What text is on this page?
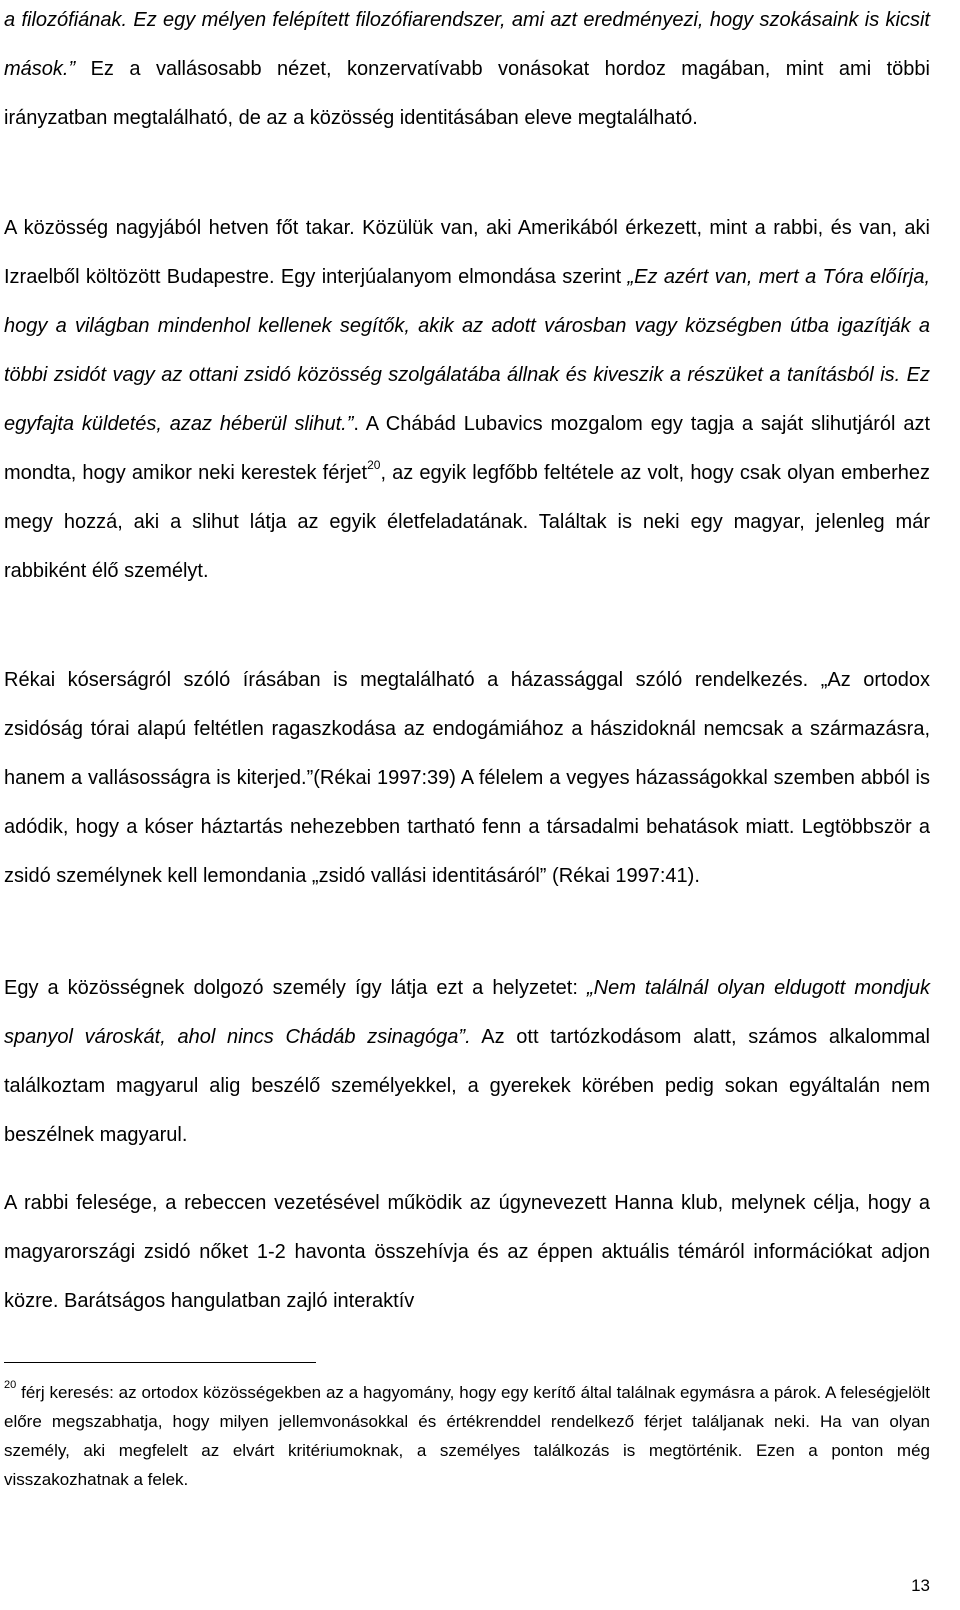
a filozófiának. Ez egy mélyen felépített filozófiarendszer, ami azt eredményezi, hogy szokásaink is kicsit mások.” Ez a vallásosabb nézet, konzervatívabb vonásokat hordoz magában, mint ami többi irányzatban megtalálható, de az a közösség identitásában eleve megtalálható.

A közösség nagyjából hetven főt takar. Közülük van, aki Amerikából érkezett, mint a rabbi, és van, aki Izraelből költözött Budapestre. Egy interjúalanyom elmondása szerint „Ez azért van, mert a Tóra előírja, hogy a világban mindenhol kellenek segítők, akik az adott városban vagy községben útba igazítják a többi zsidót vagy az ottani zsidó közösség szolgálatába állnak és kiveszik a részüket a tanításból is. Ez egyfajta küldetés, azaz héberül slihut.”. A Chábád Lubavics mozgalom egy tagja a saját slihutjáról azt mondta, hogy amikor neki kerestek férjet$^{20}$, az egyik legfőbb feltétele az volt, hogy csak olyan emberhez megy hozzá, aki a slihut látja az egyik életfeladatának. Találtak is neki egy magyar, jelenleg már rabbiként élő személyt.

Rékai kóserságról szóló írásában is megtalálható a házassággal szóló rendelkezés. „Az ortodox zsidóság tórai alapú feltétlen ragaszkodása az endogámiához a hászidoknál nemcsak a származásra, hanem a vallásosságra is kiterjed.”(Rékai 1997:39) A félelem a vegyes házasságokkal szemben abból is adódik, hogy a kóser háztartás nehezebben tartható fenn a társadalmi behatások miatt. Legtöbbször a zsidó személynek kell lemondania „zsidó vallási identitásáról” (Rékai 1997:41).

Egy a közösségnek dolgozó személy így látja ezt a helyzetet: „Nem találnál olyan eldugott mondjuk spanyol városkát, ahol nincs Chádáb zsinagóga”. Az ott tartózkodásom alatt, számos alkalommal találkoztam magyarul alig beszélő személyekkel, a gyerekek körében pedig sokan egyáltalán nem beszélnek magyarul.

A rabbi felesége, a rebeccen vezetésével működik az úgynevezett Hanna klub, melynek célja, hogy a magyarországi zsidó nőket 1-2 havonta összehívja és az éppen aktuális témáról információkat adjon közre. Barátságos hangulatban zajló interaktív

$^{20}$ férj keresés: az ortodox közösségekben az a hagyomány, hogy egy kerítő által találnak egymásra a párok. A feleségjelölt előre megszabhatja, hogy milyen jellemvonásokkal és értékrenddel rendelkező férjet találjanak neki. Ha van olyan személy, aki megfelelt az elvárt kritériumoknak, a személyes találkozás is megtörténik. Ezen a ponton még visszakozhatnak a felek.

13
